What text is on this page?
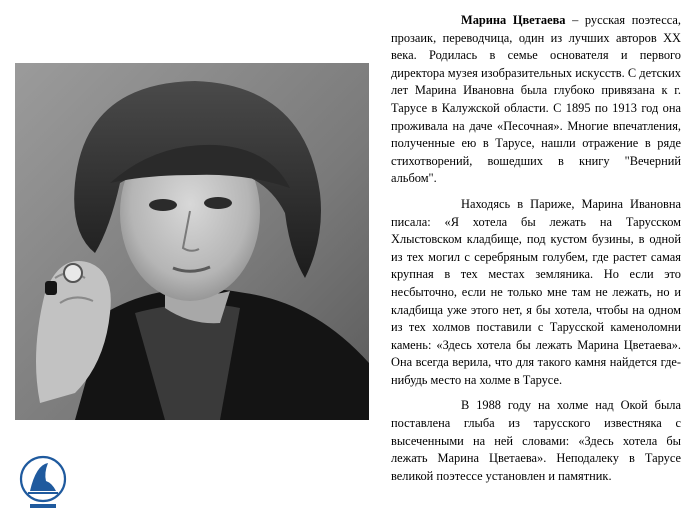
Марина Цветаева – русская поэтесса, прозаик, переводчица, один из лучших авторов XX века. Родилась в семье основателя и первого директора музея изобразительных искусств. С детских лет Марина Ивановна была глубоко привязана к г. Тарусе в Калужской области. С 1895 по 1913 год она проживала на даче «Песочная». Многие впечатления, полученные ею в Тарусе, нашли отражение в ряде стихотворений, вошедших в книгу "Вечерний альбом".

Находясь в Париже, Марина Ивановна писала: «Я хотела бы лежать на Тарусском Хлыстовском кладбище, под кустом бузины, в одной из тех могил с серебряным голубем, где растет самая крупная в тех местах земляника. Но если это несбыточно, если не только мне там не лежать, но и кладбища уже этого нет, я бы хотела, чтобы на одном из тех холмов поставили с Тарусской каменоломни камень: «Здесь хотела бы лежать Марина Цветаева». Она всегда верила, что для такого камня найдется где-нибудь место на холме в Тарусе.

В 1988 году на холме над Окой была поставлена глыба из тарусского известняка с высеченными на ней словами: «Здесь хотела бы лежать Марина Цветаева». Неподалеку в Тарусе великой поэтессе установлен и памятник.
